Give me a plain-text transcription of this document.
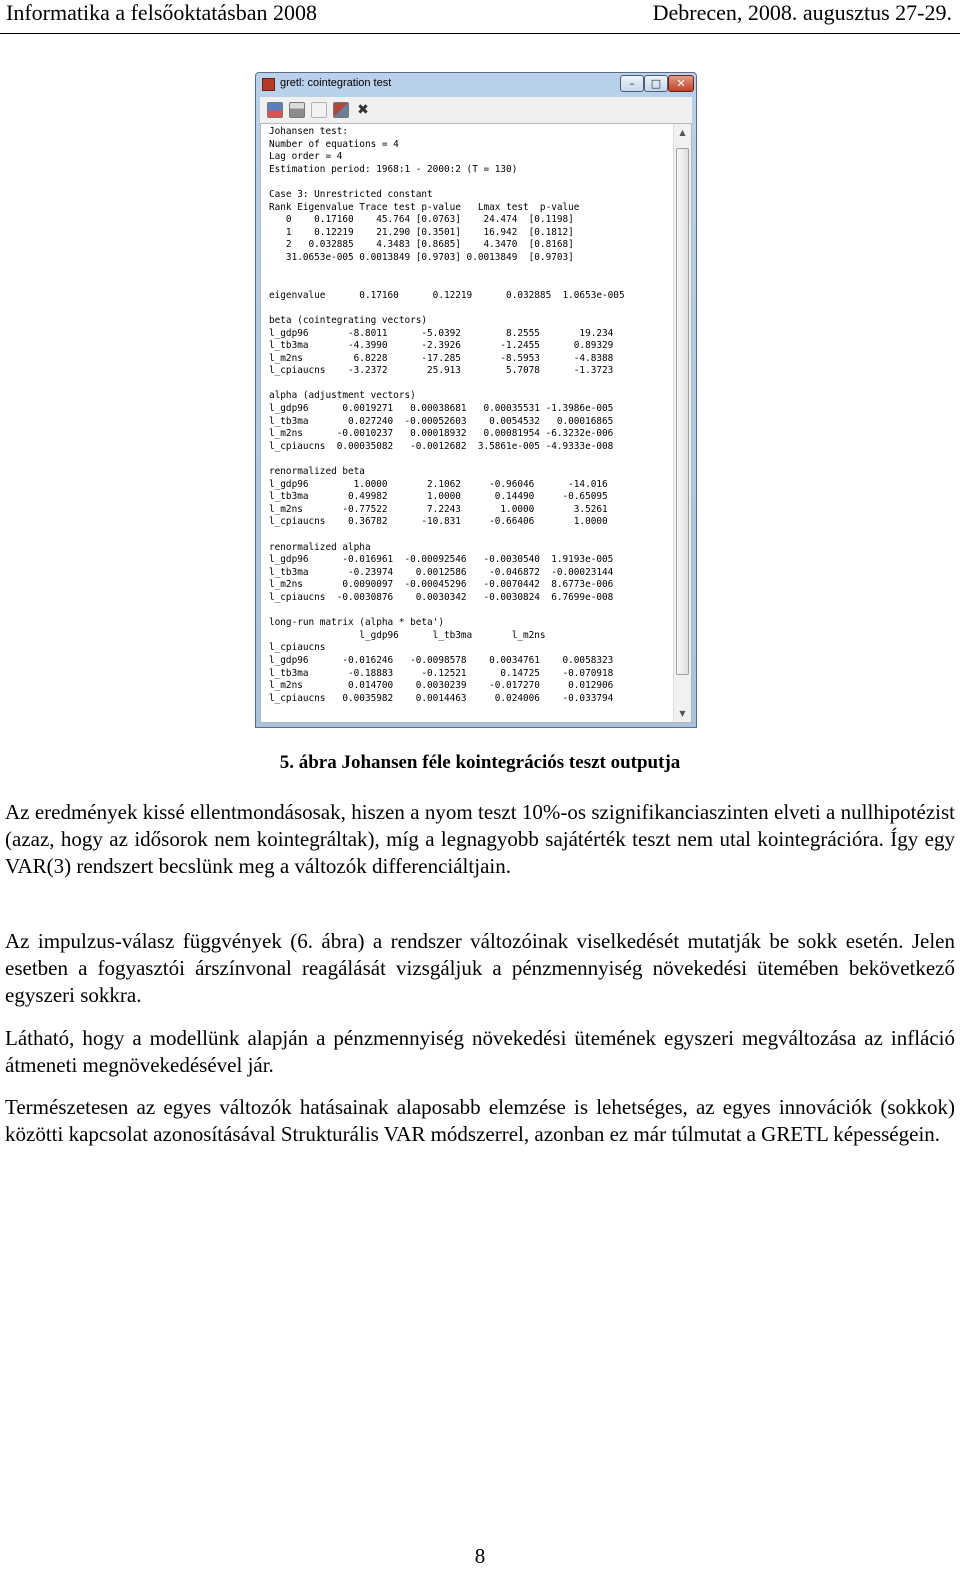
Informatika a felsőoktatásban 2008	Debrecen, 2008. augusztus 27-29.
gretl: cointegration test	–	□	✕
✖
Johansen test:
Number of equations = 4
Lag order = 4
Estimation period: 1968:1 - 2000:2 (T = 130)

Case 3: Unrestricted constant
Rank Eigenvalue Trace test p-value   Lmax test  p-value
0    0.17160    45.764 [0.0763]    24.474  [0.1198]
1    0.12219    21.290 [0.3501]    16.942  [0.1812]
2   0.032885    4.3483 [0.8685]    4.3470  [0.8168]
31.0653e-005 0.0013849 [0.9703] 0.0013849  [0.9703]

eigenvalue      0.17160      0.12219      0.032885  1.0653e-005

beta (cointegrating vectors)
l_gdp96       -8.8011      -5.0392        8.2555       19.234
l_tb3ma       -4.3990      -2.3926       -1.2455      0.89329
l_m2ns         6.8228      -17.285       -8.5953      -4.8388
l_cpiaucns    -3.2372       25.913        5.7078      -1.3723

alpha (adjustment vectors)
l_gdp96      0.0019271   0.00038681   0.00035531 -1.3986e-005
l_tb3ma       0.027240  -0.00052603    0.0054532   0.00016865
l_m2ns      -0.0010237   0.00018932   0.00081954 -6.3232e-006
l_cpiaucns  0.00035082   -0.0012682  3.5861e-005 -4.9333e-008

renormalized beta
l_gdp96        1.0000       2.1062     -0.96046      -14.016
l_tb3ma       0.49982       1.0000      0.14490     -0.65095
l_m2ns       -0.77522       7.2243       1.0000       3.5261
l_cpiaucns    0.36782      -10.831     -0.66406       1.0000

renormalized alpha
l_gdp96      -0.016961  -0.00092546   -0.0030540  1.9193e-005
l_tb3ma       -0.23974    0.0012586    -0.046872  -0.00023144
l_m2ns       0.0090097  -0.00045296   -0.0070442  8.6773e-006
l_cpiaucns  -0.0030876    0.0030342   -0.0030824  6.7699e-008

long-run matrix (alpha * beta')
l_gdp96      l_tb3ma       l_m2ns
l_cpiaucns
l_gdp96      -0.016246   -0.0098578    0.0034761    0.0058323
l_tb3ma       -0.18883     -0.12521      0.14725    -0.070918
l_m2ns        0.014700    0.0030239    -0.017270     0.012906
l_cpiaucns   0.0035982    0.0014463     0.024006    -0.033794

▲
▼
5. ábra Johansen féle kointegrációs teszt outputja

Az eredmények kissé ellentmondásosak, hiszen a nyom teszt 10%-os szignifikanciaszinten elveti a nullhipotézist (azaz, hogy az idősorok nem kointegráltak), míg a legnagyobb sajátérték teszt nem utal kointegrációra. Így egy VAR(3) rendszert becslünk meg a változók differenciáltjain.

Az impulzus-válasz függvények (6. ábra) a rendszer változóinak viselkedését mutatják be sokk esetén. Jelen esetben a fogyasztói árszínvonal reagálását vizsgáljuk a pénzmennyiség növekedési ütemében bekövetkező egyszeri sokkra.

Látható, hogy a modellünk alapján a pénzmennyiség növekedési ütemének egyszeri megváltozása az infláció átmeneti megnövekedésével jár.

Természetesen az egyes változók hatásainak alaposabb elemzése is lehetséges, az egyes innovációk (sokkok) közötti kapcsolat azonosításával Strukturális VAR módszerrel, azonban ez már túlmutat a GRETL képességein.

8
